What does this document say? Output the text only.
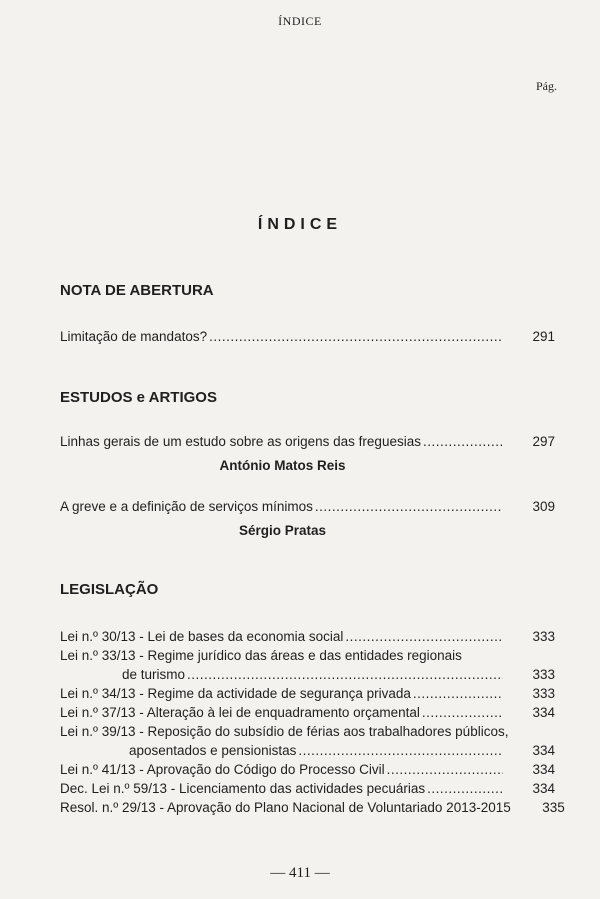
ÍNDICE
Pág.
ÍNDICE
NOTA DE ABERTURA
Limitação de mandatos? .....	291
ESTUDOS e ARTIGOS
Linhas gerais de um estudo sobre as origens das freguesias .....	297
António Matos Reis
A greve e a definição de serviços mínimos .....	309
Sérgio Pratas
LEGISLAÇÃO
Lei n.º 30/13 - Lei de bases da economia social .....	333
Lei n.º 33/13 - Regime jurídico das áreas e das entidades regionais
de turismo .....	333
Lei n.º 34/13 - Regime da actividade de segurança privada .....	333
Lei n.º 37/13 - Alteração à lei de enquadramento orçamental .....	334
Lei n.º 39/13 - Reposição do subsídio de férias aos trabalhadores públicos,
aposentados e pensionistas .....	334
Lei n.º 41/13 - Aprovação do Código do Processo Civil .....	334
Dec. Lei n.º 59/13 - Licenciamento das actividades pecuárias .....	334
Resol. n.º 29/13 - Aprovação do Plano Nacional de Voluntariado 2013-2015	335
— 411 —
